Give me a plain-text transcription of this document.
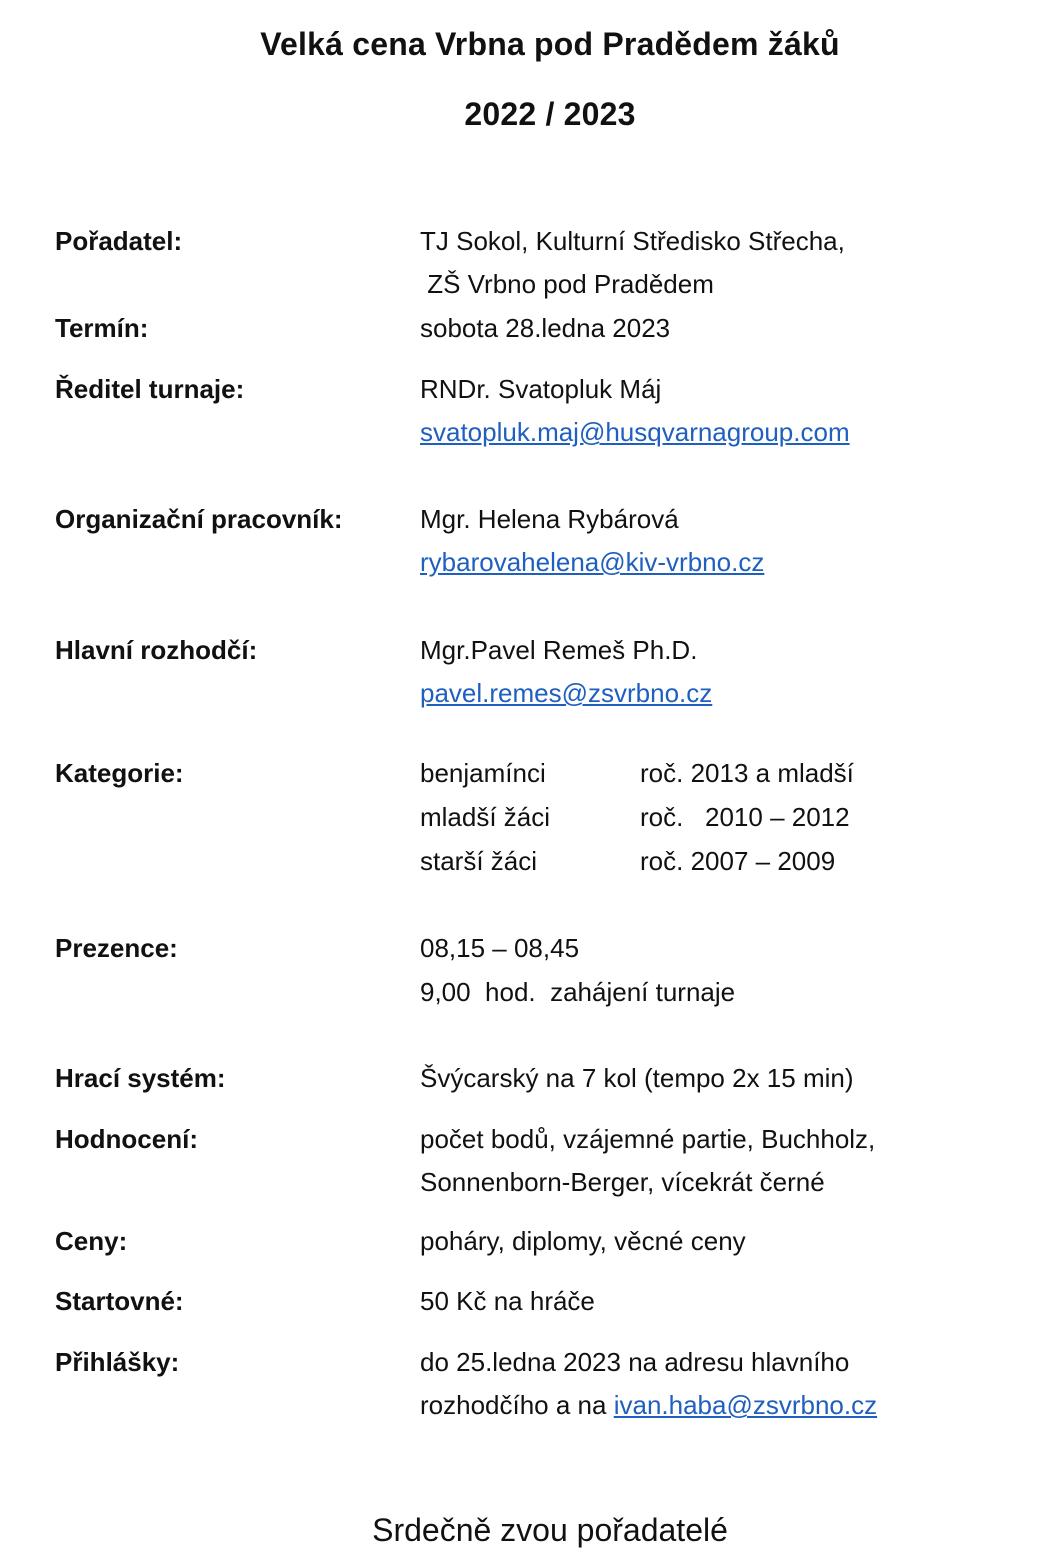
Velká cena Vrbna pod Pradědem žáků
2022 / 2023
Pořadatel:	TJ Sokol, Kulturní Středisko Střecha,
ZŠ Vrbno pod Pradědem
Termín:	sobota 28.ledna 2023
Ředitel turnaje:	RNDr. Svatopluk Máj
svatopluk.maj@husqvarnagroup.com
Organizační pracovník:	Mgr. Helena Rybárová
rybarovahelena@kiv-vrbno.cz
Hlavní rozhodčí:	Mgr.Pavel Remeš Ph.D.
pavel.remes@zsvrbno.cz
Kategorie:	benjamínci	roč. 2013 a mladší
mladší žáci	roč.   2010 – 2012
starší žáci	roč. 2007 – 2009
Prezence:	08,15 – 08,45
9,00  hod.  zahájení turnaje
Hrací systém:	Švýcarský na 7 kol (tempo 2x 15 min)
Hodnocení:	počet bodů, vzájemné partie, Buchholz,
Sonnenborn-Berger, vícekrát černé
Ceny:	poháry, diplomy, věcné ceny
Startovné:	50 Kč na hráče
Přihlášky:	do 25.ledna 2023 na adresu hlavního
rozhodčího a na ivan.haba@zsvrbno.cz
Srdečně zvou pořadatelé
